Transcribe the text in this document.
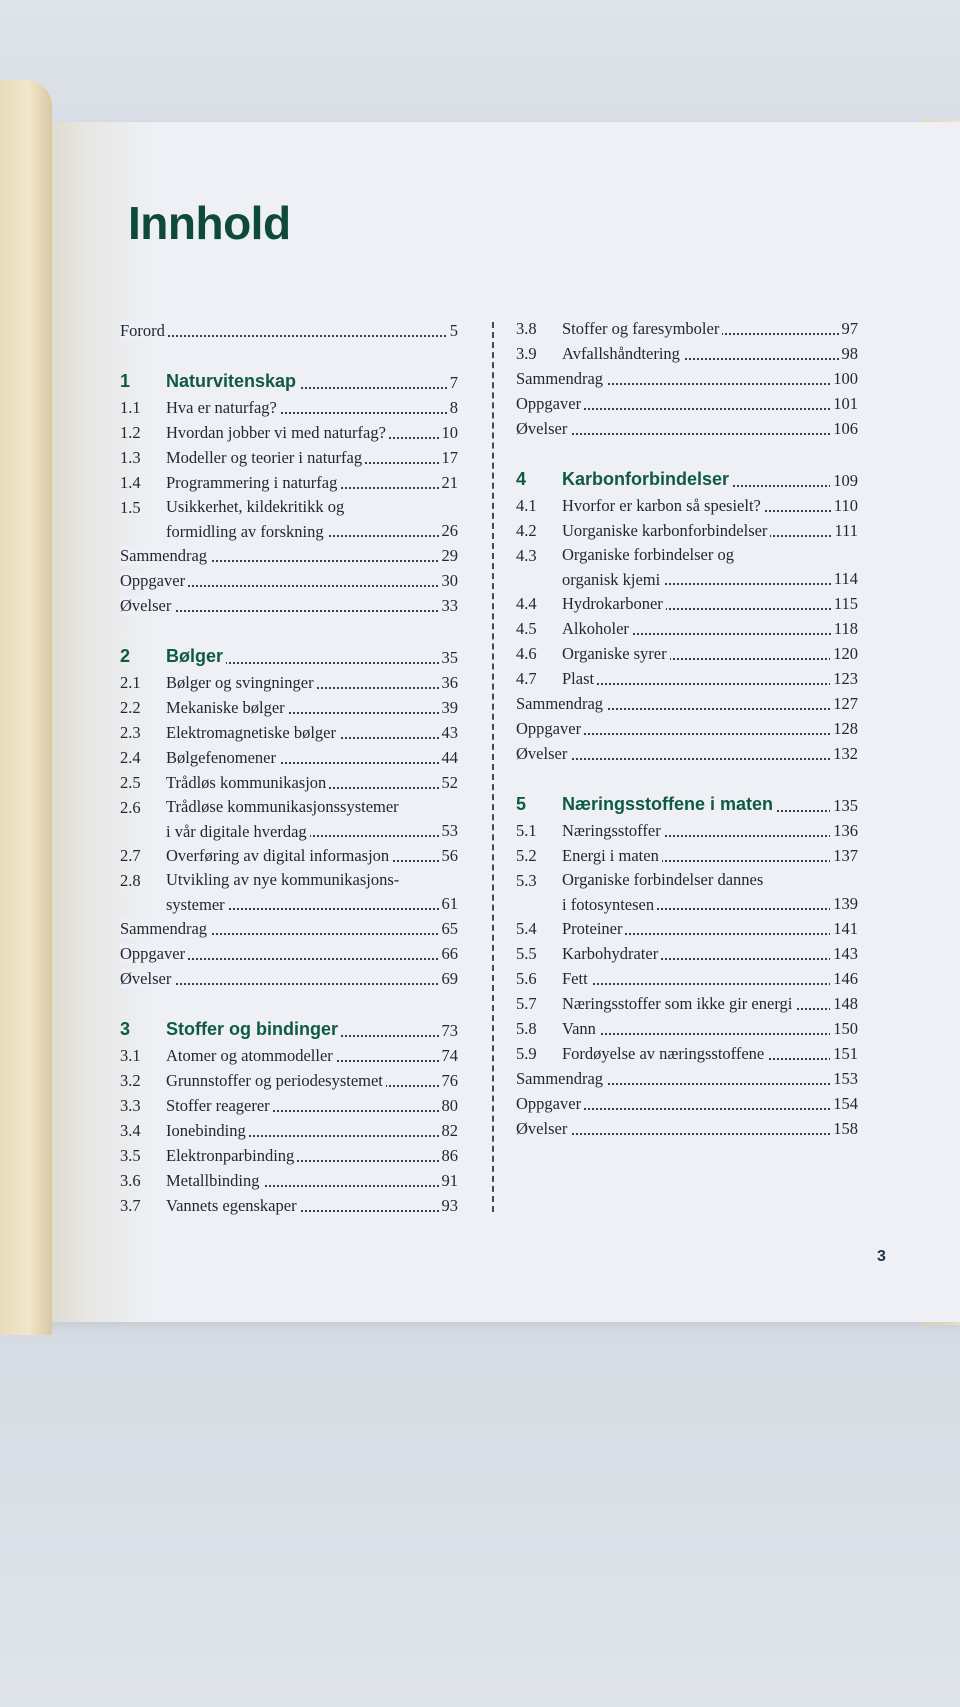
Innhold
Forord	5
1	Naturvitenskap	7
1.1	Hva er naturfag?	8
1.2	Hvordan jobber vi med naturfag?	10
1.3	Modeller og teorier i naturfag	17
1.4	Programmering i naturfag	21
1.5	Usikkerhet, kildekritikk og
formidling av forskning	26
Sammendrag	29
Oppgaver	30
Øvelser	33
2	Bølger	35
2.1	Bølger og svingninger	36
2.2	Mekaniske bølger	39
2.3	Elektromagnetiske bølger	43
2.4	Bølgefenomener	44
2.5	Trådløs kommunikasjon	52
2.6	Trådløse kommunikasjonssystemer
i vår digitale hverdag	53
2.7	Overføring av digital informasjon	56
2.8	Utvikling av nye kommunikasjons-
systemer	61
Sammendrag	65
Oppgaver	66
Øvelser	69
3	Stoffer og bindinger	73
3.1	Atomer og atommodeller	74
3.2	Grunnstoffer og periodesystemet	76
3.3	Stoffer reagerer	80
3.4	Ionebinding	82
3.5	Elektronparbinding	86
3.6	Metallbinding	91
3.7	Vannets egenskaper	93
3.8	Stoffer og faresymboler	97
3.9	Avfallshåndtering	98
Sammendrag	100
Oppgaver	101
Øvelser	106
4	Karbonforbindelser	109
4.1	Hvorfor er karbon så spesielt?	110
4.2	Uorganiske karbonforbindelser	111
4.3	Organiske forbindelser og
organisk kjemi	114
4.4	Hydrokarboner	115
4.5	Alkoholer	118
4.6	Organiske syrer	120
4.7	Plast	123
Sammendrag	127
Oppgaver	128
Øvelser	132
5	Næringsstoffene i maten	135
5.1	Næringsstoffer	136
5.2	Energi i maten	137
5.3	Organiske forbindelser dannes
i fotosyntesen	139
5.4	Proteiner	141
5.5	Karbohydrater	143
5.6	Fett	146
5.7	Næringsstoffer som ikke gir energi 148
5.8	Vann	150
5.9	Fordøyelse av næringsstoffene	151
Sammendrag	153
Oppgaver	154
Øvelser	158
3
